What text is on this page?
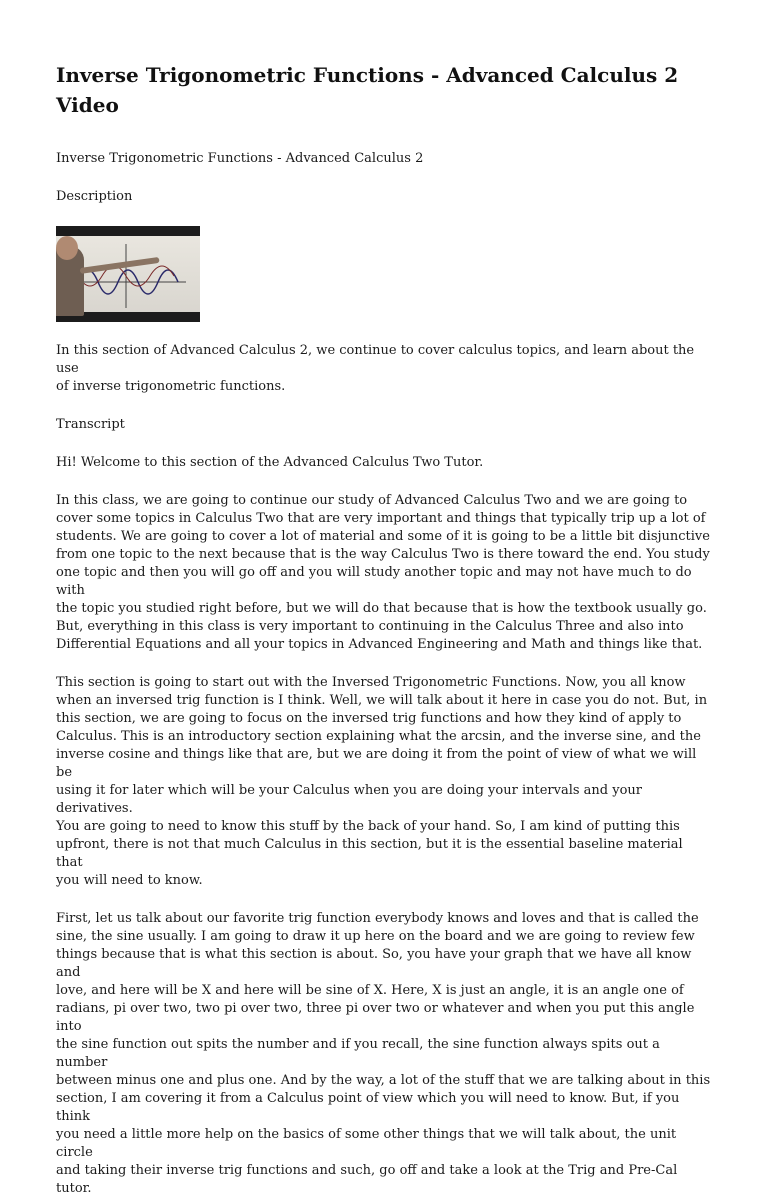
Inverse Trigonometric Functions - Advanced Calculus 2 Video

Inverse Trigonometric Functions - Advanced Calculus 2

Description

In this section of Advanced Calculus 2, we continue to cover calculus topics, and learn about the use

of inverse trigonometric functions.

Transcript

Hi! Welcome to this section of the Advanced Calculus Two Tutor.

In this class, we are going to continue our study of Advanced Calculus Two and we are going to

cover some topics in Calculus Two that are very important and things that typically trip up a lot of

students. We are going to cover a lot of material and some of it is going to be a little bit disjunctive

from one topic to the next because that is the way Calculus Two is there toward the end. You study

one topic and then you will go off and you will study another topic and may not have much to do with

the topic you studied right before, but we will do that because that is how the textbook usually go.

But, everything in this class is very important to continuing in the Calculus Three and also into

Differential Equations and all your topics in Advanced Engineering and Math and things like that.

This section is going to start out with the Inversed Trigonometric Functions. Now, you all know

when an inversed trig function is I think. Well, we will talk about it here in case you do not. But, in

this section, we are going to focus on the inversed trig functions and how they kind of apply to

Calculus. This is an introductory section explaining what the arcsin, and the inverse sine, and the

inverse cosine and things like that are, but we are doing it from the point of view of what we will be

using it for later which will be your Calculus when you are doing your intervals and your derivatives.

You are going to need to know this stuff by the back of your hand. So, I am kind of putting this

upfront, there is not that much Calculus in this section, but it is the essential baseline material that

you will need to know.

First, let us talk about our favorite trig function everybody knows and loves and that is called the

sine, the sine usually. I am going to draw it up here on the board and we are going to review few

things because that is what this section is about. So, you have your graph that we have all know and

love, and here will be X and here will be sine of X. Here, X is just an angle, it is an angle one of

radians, pi over two, two pi over two, three pi over two or whatever and when you put this angle into

the sine function out spits the number and if you recall, the sine function always spits out a number

between minus one and plus one. And by the way, a lot of the stuff that we are talking about in this

section, I am covering it from a Calculus point of view which you will need to know. But, if you think

you need a little more help on the basics of some other things that we will talk about, the unit circle

and taking their inverse trig functions and such, go off and take a look at the Trig and Pre-Cal tutor.
